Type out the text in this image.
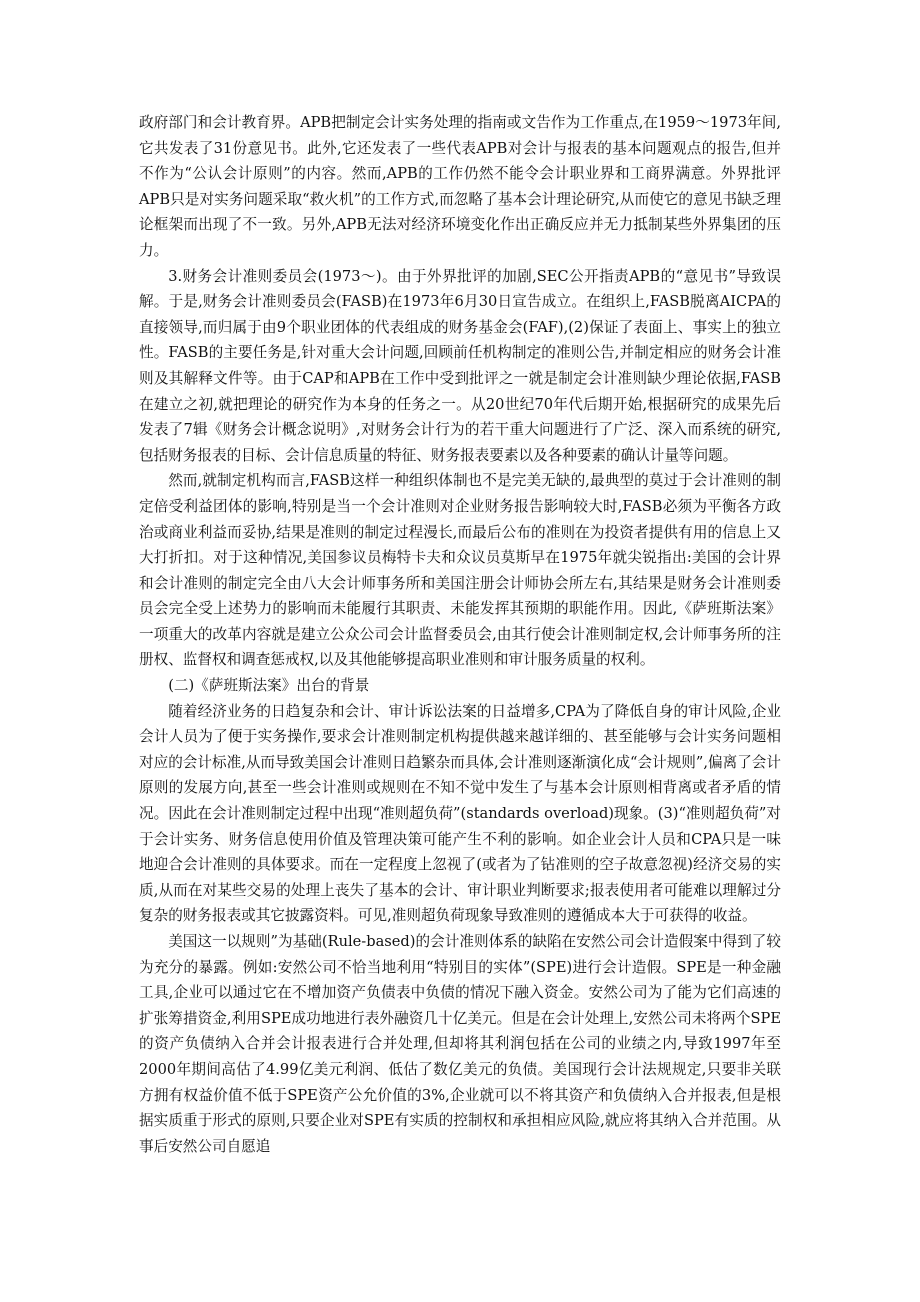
政府部门和会计教育界。APB把制定会计实务处理的指南或文告作为工作重点,在1959～1973年间,它共发表了31份意见书。此外,它还发表了一些代表APB对会计与报表的基本问题观点的报告,但并不作为“公认会计原则”的内容。然而,APB的工作仍然不能令会计职业界和工商界满意。外界批评APB只是对实务问题采取“救火机”的工作方式,而忽略了基本会计理论研究,从而使它的意见书缺乏理论框架而出现了不一致。另外,APB无法对经济环境变化作出正确反应并无力抵制某些外界集团的压力。

3.财务会计准则委员会(1973～)。由于外界批评的加剧,SEC公开指责APB的“意见书”导致误解。于是,财务会计准则委员会(FASB)在1973年6月30日宣告成立。在组织上,FASB脱离AICPA的直接领导,而归属于由9个职业团体的代表组成的财务基金会(FAF),(2)保证了表面上、事实上的独立性。FASB的主要任务是,针对重大会计问题,回顾前任机构制定的准则公告,并制定相应的财务会计准则及其解释文件等。由于CAP和APB在工作中受到批评之一就是制定会计准则缺少理论依据,FASB在建立之初,就把理论的研究作为本身的任务之一。从20世纪70年代后期开始,根据研究的成果先后发表了7辑《财务会计概念说明》,对财务会计行为的若干重大问题进行了广泛、深入而系统的研究,包括财务报表的目标、会计信息质量的特征、财务报表要素以及各种要素的确认计量等问题。

然而,就制定机构而言,FASB这样一种组织体制也不是完美无缺的,最典型的莫过于会计准则的制定倍受利益团体的影响,特别是当一个会计准则对企业财务报告影响较大时,FASB必须为平衡各方政治或商业利益而妥协,结果是准则的制定过程漫长,而最后公布的准则在为投资者提供有用的信息上又大打折扣。对于这种情况,美国参议员梅特卡夫和众议员莫斯早在1975年就尖锐指出:美国的会计界和会计准则的制定完全由八大会计师事务所和美国注册会计师协会所左右,其结果是财务会计准则委员会完全受上述势力的影响而未能履行其职责、未能发挥其预期的职能作用。因此,《萨班斯法案》一项重大的改革内容就是建立公众公司会计监督委员会,由其行使会计准则制定权,会计师事务所的注册权、监督权和调查惩戒权,以及其他能够提高职业准则和审计服务质量的权利。

(二)《萨班斯法案》出台的背景

随着经济业务的日趋复杂和会计、审计诉讼法案的日益增多,CPA为了降低自身的审计风险,企业会计人员为了便于实务操作,要求会计准则制定机构提供越来越详细的、甚至能够与会计实务问题相对应的会计标准,从而导致美国会计准则日趋繁杂而具体,会计准则逐渐演化成“会计规则”,偏离了会计原则的发展方向,甚至一些会计准则或规则在不知不觉中发生了与基本会计原则相背离或者矛盾的情况。因此在会计准则制定过程中出现“准则超负荷”(standards overload)现象。(3)“准则超负荷”对于会计实务、财务信息使用价值及管理决策可能产生不利的影响。如企业会计人员和CPA只是一味地迎合会计准则的具体要求。而在一定程度上忽视了(或者为了钻准则的空子故意忽视)经济交易的实质,从而在对某些交易的处理上丧失了基本的会计、审计职业判断要求;报表使用者可能难以理解过分复杂的财务报表或其它披露资料。可见,准则超负荷现象导致准则的遵循成本大于可获得的收益。

美国这一以规则”为基础(Rule-based)的会计准则体系的缺陷在安然公司会计造假案中得到了较为充分的暴露。例如:安然公司不恰当地利用“特别目的实体”(SPE)进行会计造假。SPE是一种金融工具,企业可以通过它在不增加资产负债表中负债的情况下融入资金。安然公司为了能为它们高速的扩张筹措资金,利用SPE成功地进行表外融资几十亿美元。但是在会计处理上,安然公司未将两个SPE的资产负债纳入合并会计报表进行合并处理,但却将其利润包括在公司的业绩之内,导致1997年至2000年期间高估了4.99亿美元利润、低估了数亿美元的负债。美国现行会计法规规定,只要非关联方拥有权益价值不低于SPE资产公允价值的3%,企业就可以不将其资产和负债纳入合并报表,但是根据实质重于形式的原则,只要企业对SPE有实质的控制权和承担相应风险,就应将其纳入合并范围。从事后安然公司自愿追
